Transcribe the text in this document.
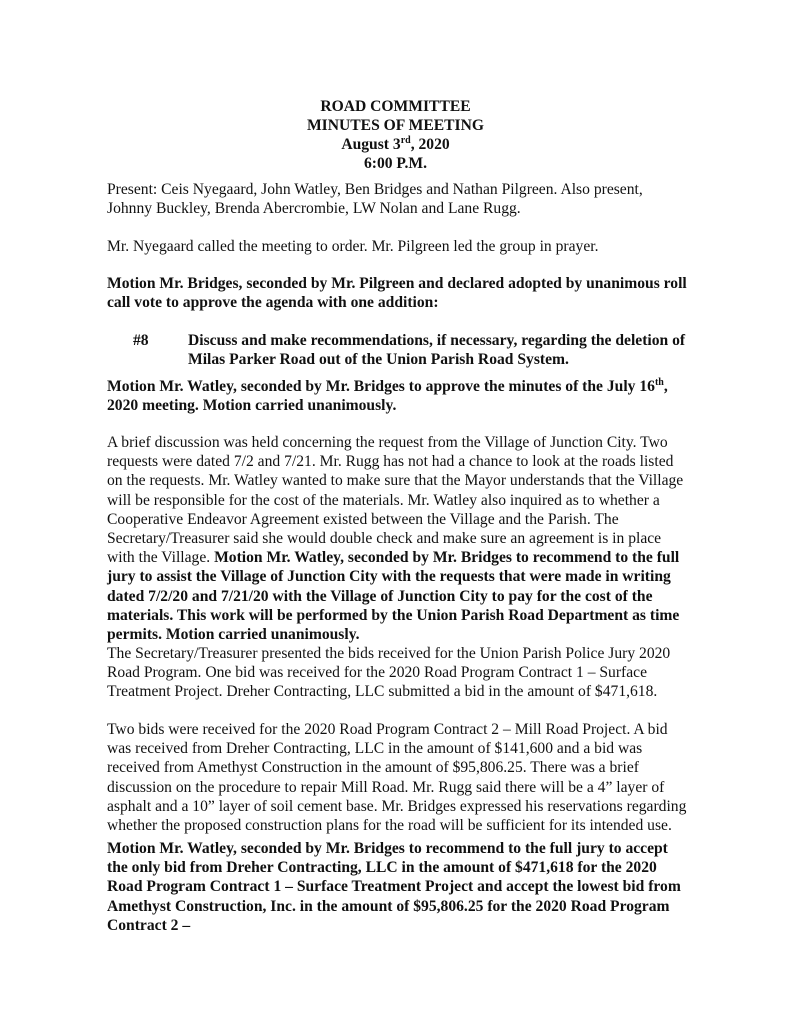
ROAD COMMITTEE
MINUTES OF MEETING
August 3rd, 2020
6:00 P.M.

Present: Ceis Nyegaard, John Watley, Ben Bridges and Nathan Pilgreen. Also present, Johnny Buckley, Brenda Abercrombie, LW Nolan and Lane Rugg.

Mr. Nyegaard called the meeting to order. Mr. Pilgreen led the group in prayer.

Motion Mr. Bridges, seconded by Mr. Pilgreen and declared adopted by unanimous roll call vote to approve the agenda with one addition:

#8	Discuss and make recommendations, if necessary, regarding the deletion of Milas Parker Road out of the Union Parish Road System.

Motion Mr. Watley, seconded by Mr. Bridges to approve the minutes of the July 16th, 2020 meeting. Motion carried unanimously.

A brief discussion was held concerning the request from the Village of Junction City. Two requests were dated 7/2 and 7/21. Mr. Rugg has not had a chance to look at the roads listed on the requests. Mr. Watley wanted to make sure that the Mayor understands that the Village will be responsible for the cost of the materials. Mr. Watley also inquired as to whether a Cooperative Endeavor Agreement existed between the Village and the Parish. The Secretary/Treasurer said she would double check and make sure an agreement is in place with the Village. Motion Mr. Watley, seconded by Mr. Bridges to recommend to the full jury to assist the Village of Junction City with the requests that were made in writing dated 7/2/20 and 7/21/20 with the Village of Junction City to pay for the cost of the materials. This work will be performed by the Union Parish Road Department as time permits. Motion carried unanimously.

The Secretary/Treasurer presented the bids received for the Union Parish Police Jury 2020 Road Program. One bid was received for the 2020 Road Program Contract 1 – Surface Treatment Project. Dreher Contracting, LLC submitted a bid in the amount of $471,618.

Two bids were received for the 2020 Road Program Contract 2 – Mill Road Project. A bid was received from Dreher Contracting, LLC in the amount of $141,600 and a bid was received from Amethyst Construction in the amount of $95,806.25. There was a brief discussion on the procedure to repair Mill Road. Mr. Rugg said there will be a 4” layer of asphalt and a 10” layer of soil cement base. Mr. Bridges expressed his reservations regarding whether the proposed construction plans for the road will be sufficient for its intended use.

Motion Mr. Watley, seconded by Mr. Bridges to recommend to the full jury to accept the only bid from Dreher Contracting, LLC in the amount of $471,618 for the 2020 Road Program Contract 1 – Surface Treatment Project and accept the lowest bid from Amethyst Construction, Inc. in the amount of $95,806.25 for the 2020 Road Program Contract 2 –
